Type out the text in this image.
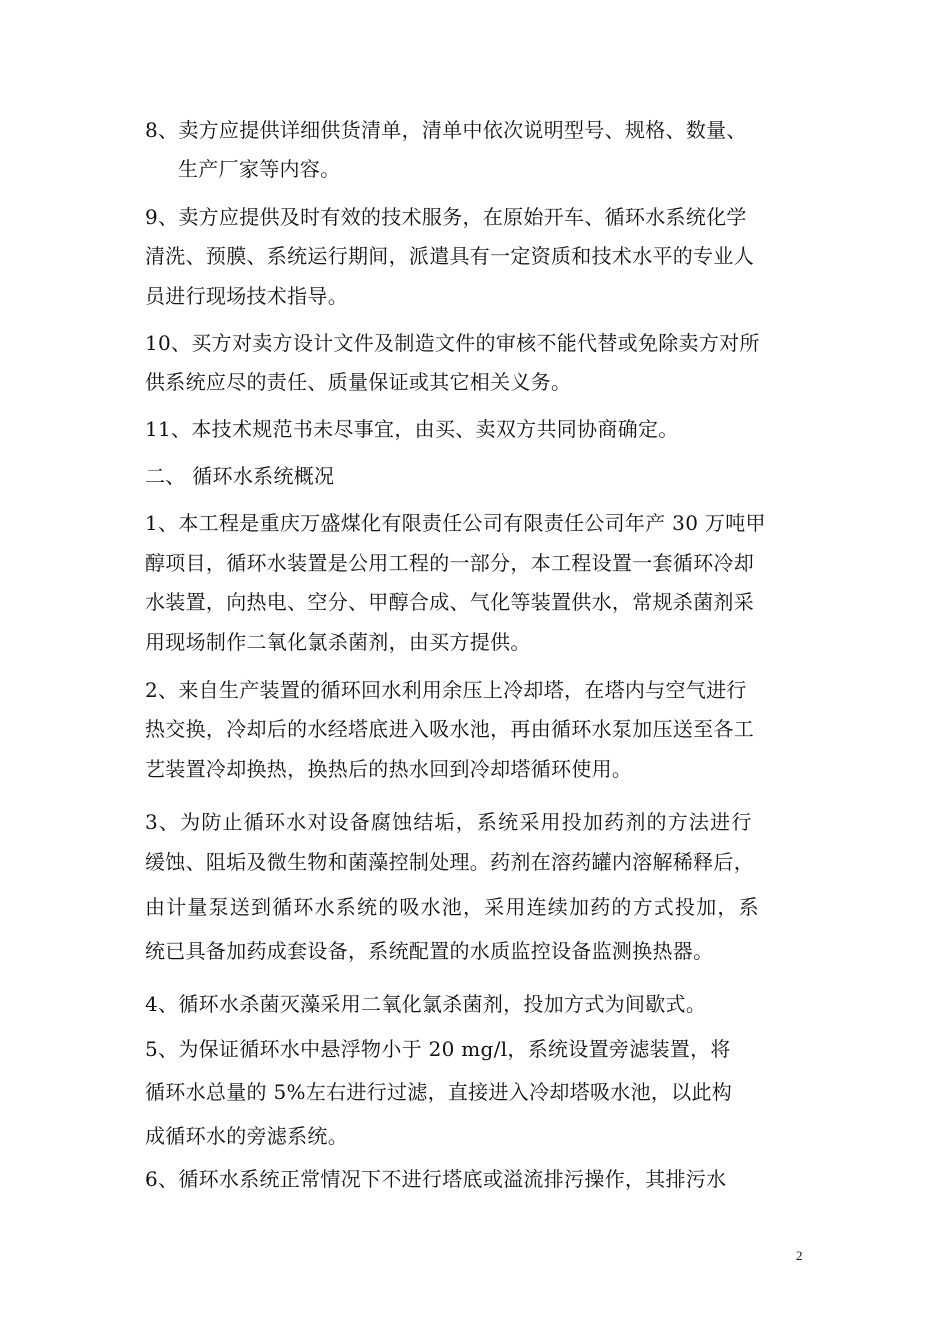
8、卖方应提供详细供货清单，清单中依次说明型号、规格、数量、
生产厂家等内容。
9、卖方应提供及时有效的技术服务，在原始开车、循环水系统化学
清洗、预膜、系统运行期间，派遣具有一定资质和技术水平的专业人
员进行现场技术指导。
10、买方对卖方设计文件及制造文件的审核不能代替或免除卖方对所
供系统应尽的责任、质量保证或其它相关义务。
11、本技术规范书未尽事宜，由买、卖双方共同协商确定。
二、 循环水系统概况
1、本工程是重庆万盛煤化有限责任公司有限责任公司年产 30 万吨甲
醇项目，循环水装置是公用工程的一部分，本工程设置一套循环冷却
水装置，向热电、空分、甲醇合成、气化等装置供水，常规杀菌剂采
用现场制作二氧化氯杀菌剂，由买方提供。
2、来自生产装置的循环回水利用余压上冷却塔，在塔内与空气进行
热交换，冷却后的水经塔底进入吸水池，再由循环水泵加压送至各工
艺装置冷却换热，换热后的热水回到冷却塔循环使用。
3、为防止循环水对设备腐蚀结垢，系统采用投加药剂的方法进行
缓蚀、阻垢及微生物和菌藻控制处理。药剂在溶药罐内溶解稀释后，
由计量泵送到循环水系统的吸水池，采用连续加药的方式投加，系
统已具备加药成套设备，系统配置的水质监控设备监测换热器。
4、循环水杀菌灭藻采用二氧化氯杀菌剂，投加方式为间歇式。
5、为保证循环水中悬浮物小于 20 mg/l，系统设置旁滤装置，将
循环水总量的 5%左右进行过滤，直接进入冷却塔吸水池，以此构
成循环水的旁滤系统。
6、循环水系统正常情况下不进行塔底或溢流排污操作，其排污水
2
